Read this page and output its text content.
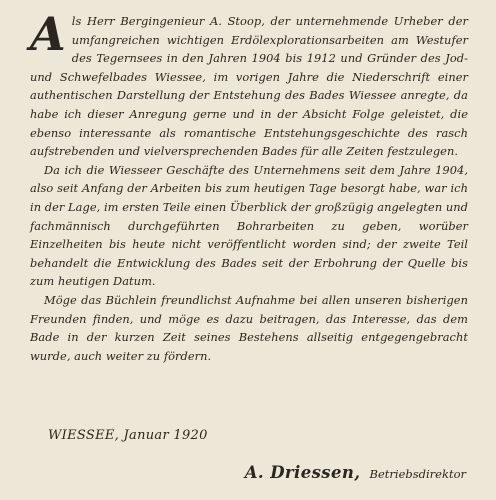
Als Herr Bergingenieur A. Stoop, der unternehmende Urheber der umfangreichen wichtigen Erdölexplorationsarbeiten am Westufer des Tegernsees in den Jahren 1904 bis 1912 und Gründer des Jod- und Schwefelbades Wiessee, im vorigen Jahre die Niederschrift einer authentischen Darstellung der Entstehung des Bades Wiessee anregte, da habe ich dieser Anregung gerne und in der Absicht Folge geleistet, die ebenso interessante als romantische Entstehungsgeschichte des rasch aufstrebenden und vielversprechenden Bades für alle Zeiten festzulegen.

Da ich die Wiesseer Geschäfte des Unternehmens seit dem Jahre 1904, also seit Anfang der Arbeiten bis zum heutigen Tage besorgt habe, war ich in der Lage, im ersten Teile einen Überblick der großzügig angelegten und fachmännisch durchgeführten Bohrarbeiten zu geben, worüber Einzelheiten bis heute nicht veröffentlicht worden sind; der zweite Teil behandelt die Entwicklung des Bades seit der Erbohrung der Quelle bis zum heutigen Datum.

Möge das Büchlein freundlichst Aufnahme bei allen unseren bisherigen Freunden finden, und möge es dazu beitragen, das Interesse, das dem Bade in der kurzen Zeit seines Bestehens allseitig entgegengebracht wurde, auch weiter zu fördern.

WIESSEE, Januar 1920
A. Driessen, Betriebsdirektor
